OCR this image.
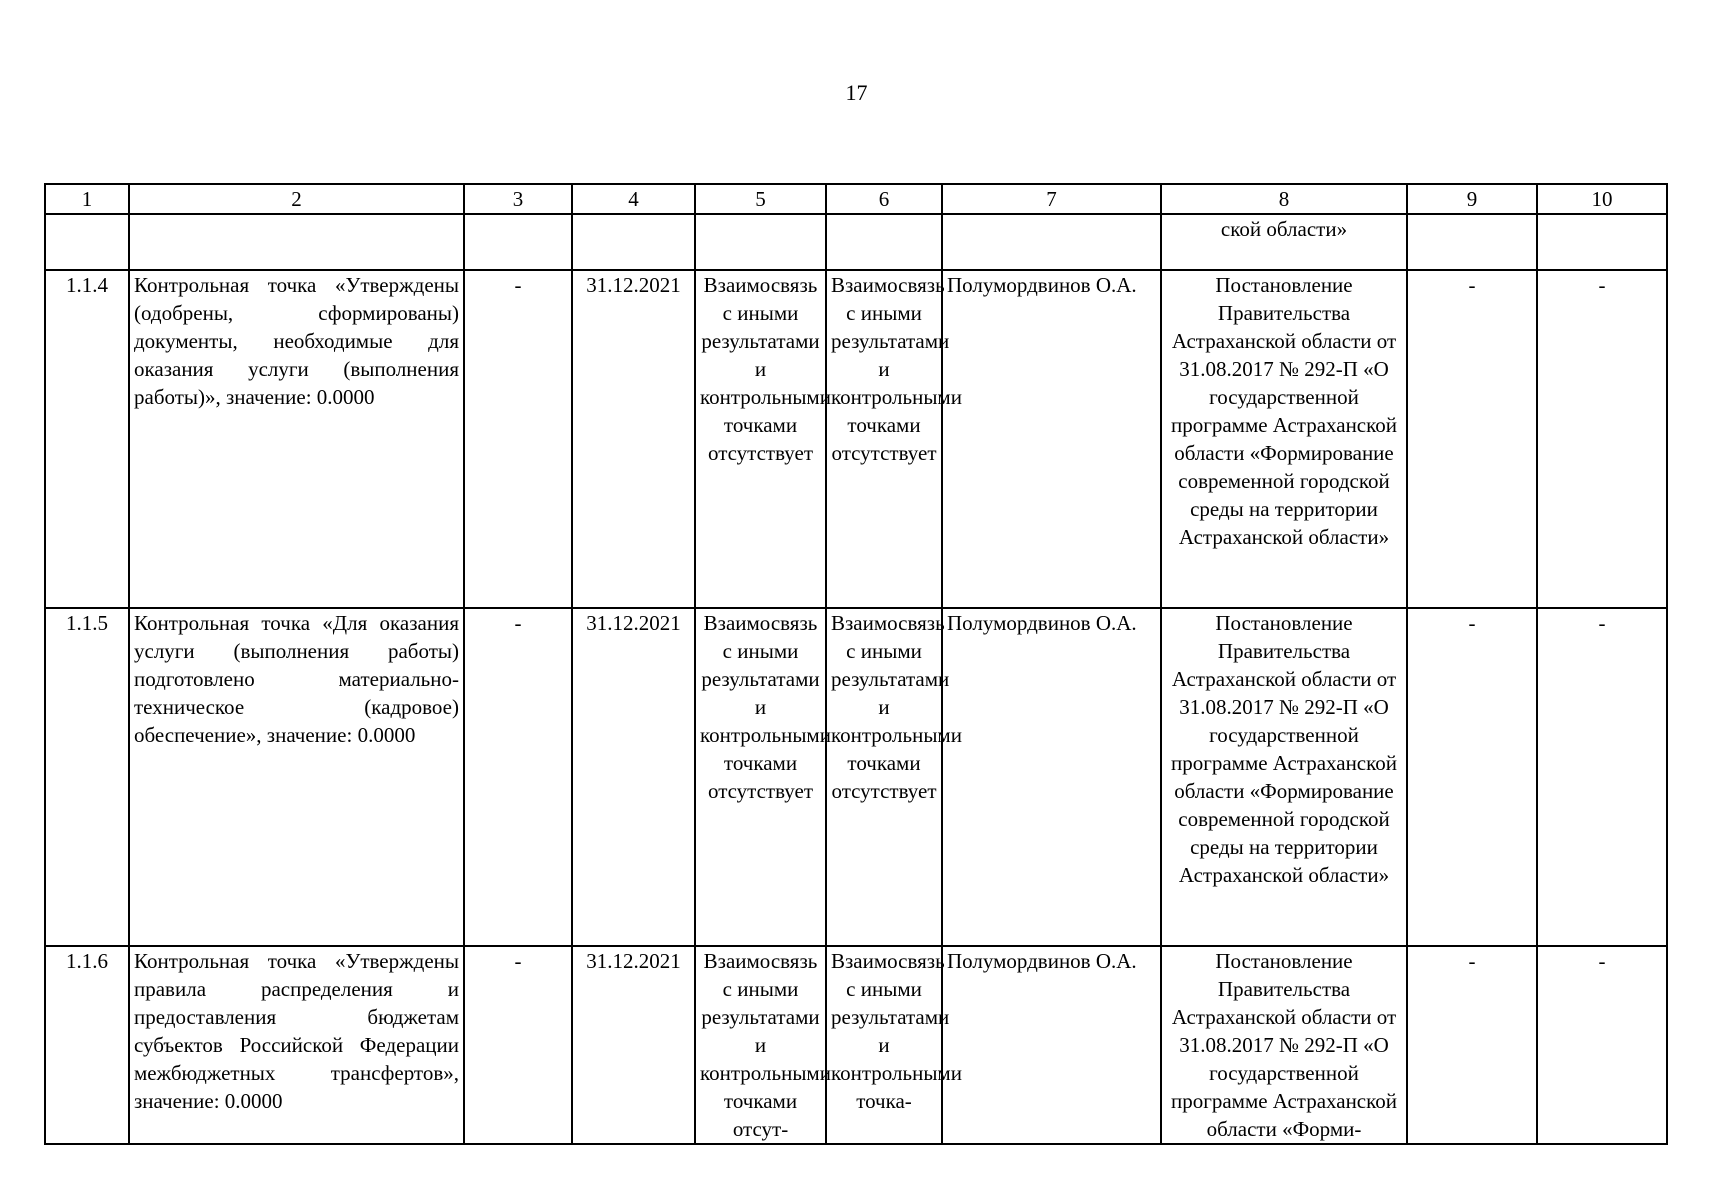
17
1	2	3	4	5	6	7	8	9	10
							ской области»		
1.1.4	Контрольная точка «Утверждены (одобрены, сформированы) документы, необходимые для оказания услуги (выполнения работы)», значение: 0.0000	-	31.12.2021	Взаимосвязь с иными результатами и контрольными точками отсутствует	Взаимосвязь с иными результатами и контрольными точками отсутствует	Полумордвинов О.А.	Постановление Правительства Астраханской области от 31.08.2017 № 292-П «О государственной программе Астраханской области «Формирование современной городской среды на территории Астраханской области»	-	-
1.1.5	Контрольная точка «Для оказания услуги (выполнения работы) подготовлено материально-техническое (кадровое) обеспечение», значение: 0.0000	-	31.12.2021	Взаимосвязь с иными результатами и контрольными точками отсутствует	Взаимосвязь с иными результатами и контрольными точками отсутствует	Полумордвинов О.А.	Постановление Правительства Астраханской области от 31.08.2017 № 292-П «О государственной программе Астраханской области «Формирование современной городской среды на территории Астраханской области»	-	-
1.1.6	Контрольная точка «Утверждены правила распределения и предоставления бюджетам субъектов Российской Федерации межбюджетных трансфертов», значение: 0.0000	-	31.12.2021	Взаимосвязь с иными результатами и контрольными точками отсут-	Взаимосвязь с иными результатами и контрольными точка-	Полумордвинов О.А.	Постановление Правительства Астраханской области от 31.08.2017 № 292-П «О государственной программе Астраханской области «Форми-	-	-
